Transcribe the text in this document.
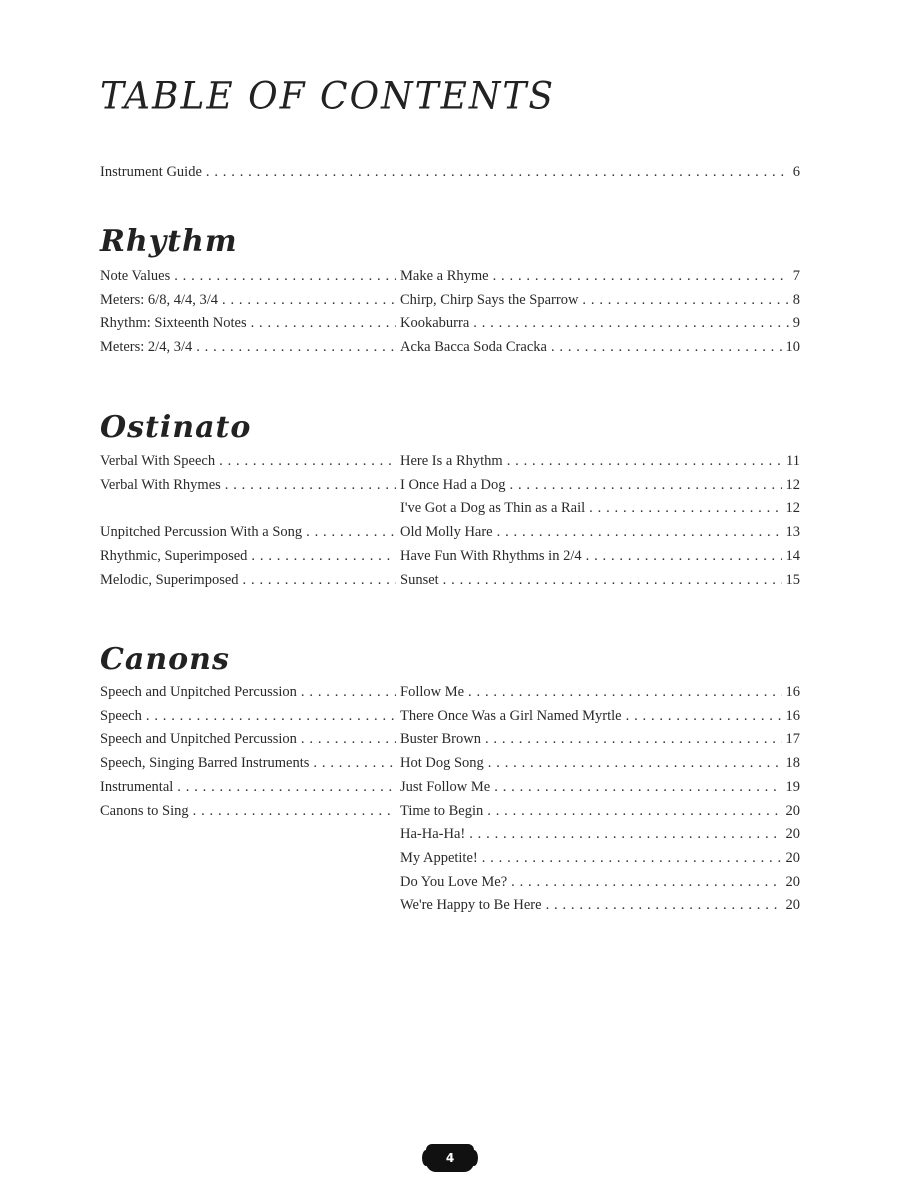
TABLE OF CONTENTS
Instrument Guide . . .	6
Rhythm
Note Values . . .	Make a Rhyme . . .	7
Meters: 6/8, 4/4, 3/4 . . .	Chirp, Chirp Says the Sparrow . . .	8
Rhythm: Sixteenth Notes . . .	Kookaburra . . .	9
Meters: 2/4, 3/4 . . .	Acka Bacca Soda Cracka . . .	10
Ostinato
Verbal With Speech . . .	Here Is a Rhythm . . .	11
Verbal With Rhymes . . .	I Once Had a Dog . . .	12
I've Got a Dog as Thin as a Rail . . .	12
Unpitched Percussion With a Song . . .	Old Molly Hare . . .	13
Rhythmic, Superimposed . . .	Have Fun With Rhythms in 2/4 . . .	14
Melodic, Superimposed . . .	Sunset . . .	15
Canons
Speech and Unpitched Percussion . . .	Follow Me . . .	16
Speech . . .	There Once Was a Girl Named Myrtle . . .	16
Speech and Unpitched Percussion . . .	Buster Brown . . .	17
Speech, Singing Barred Instruments . . .	Hot Dog Song . . .	18
Instrumental . . .	Just Follow Me . . .	19
Canons to Sing . . .	Time to Begin . . .	20
Ha-Ha-Ha! . . .	20
My Appetite! . . .	20
Do You Love Me? . . .	20
We're Happy to Be Here . . .	20
4
